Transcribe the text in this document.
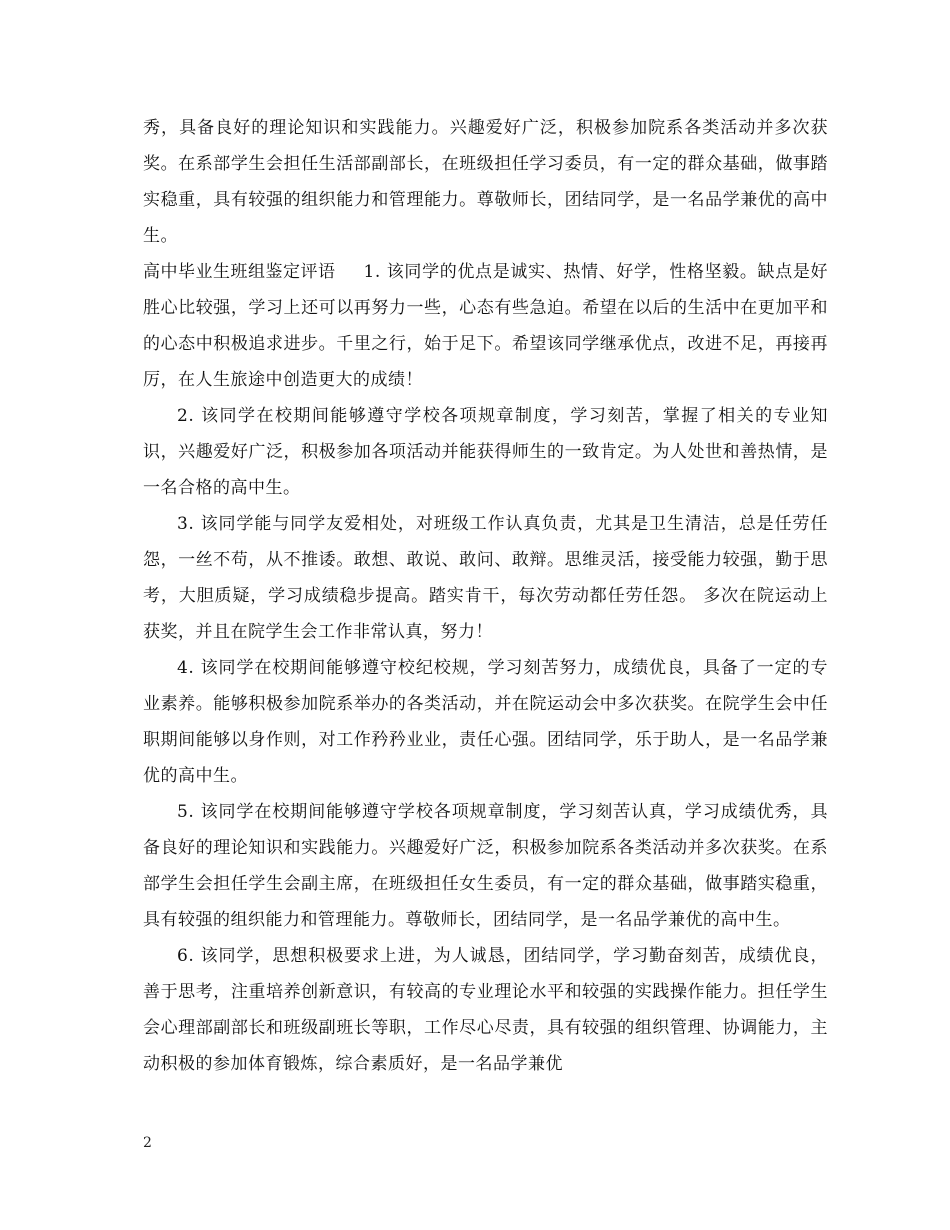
秀，具备良好的理论知识和实践能力。兴趣爱好广泛，积极参加院系各类活动并多次获奖。在系部学生会担任生活部副部长，在班级担任学习委员，有一定的群众基础，做事踏实稳重，具有较强的组织能力和管理能力。尊敬师长，团结同学，是一名品学兼优的高中生。

高中毕业生班组鉴定评语 1. 该同学的优点是诚实、热情、好学，性格坚毅。缺点是好胜心比较强，学习上还可以再努力一些，心态有些急迫。希望在以后的生活中在更加平和的心态中积极追求进步。千里之行，始于足下。希望该同学继承优点，改进不足，再接再厉，在人生旅途中创造更大的成绩！

2. 该同学在校期间能够遵守学校各项规章制度，学习刻苦，掌握了相关的专业知识，兴趣爱好广泛，积极参加各项活动并能获得师生的一致肯定。为人处世和善热情，是一名合格的高中生。

3. 该同学能与同学友爱相处，对班级工作认真负责，尤其是卫生清洁，总是任劳任怨，一丝不苟，从不推诿。敢想、敢说、敢问、敢辩。思维灵活，接受能力较强，勤于思考，大胆质疑，学习成绩稳步提高。踏实肯干，每次劳动都任劳任怨。 多次在院运动上获奖，并且在院学生会工作非常认真，努力！

4. 该同学在校期间能够遵守校纪校规，学习刻苦努力，成绩优良，具备了一定的专业素养。能够积极参加院系举办的各类活动，并在院运动会中多次获奖。在院学生会中任职期间能够以身作则，对工作矜矜业业，责任心强。团结同学，乐于助人，是一名品学兼优的高中生。

5. 该同学在校期间能够遵守学校各项规章制度，学习刻苦认真，学习成绩优秀，具备良好的理论知识和实践能力。兴趣爱好广泛，积极参加院系各类活动并多次获奖。在系部学生会担任学生会副主席，在班级担任女生委员，有一定的群众基础，做事踏实稳重，具有较强的组织能力和管理能力。尊敬师长，团结同学，是一名品学兼优的高中生。

6. 该同学，思想积极要求上进，为人诚恳，团结同学，学习勤奋刻苦，成绩优良，善于思考，注重培养创新意识，有较高的专业理论水平和较强的实践操作能力。担任学生会心理部副部长和班级副班长等职，工作尽心尽责，具有较强的组织管理、协调能力，主动积极的参加体育锻炼，综合素质好，是一名品学兼优

2
